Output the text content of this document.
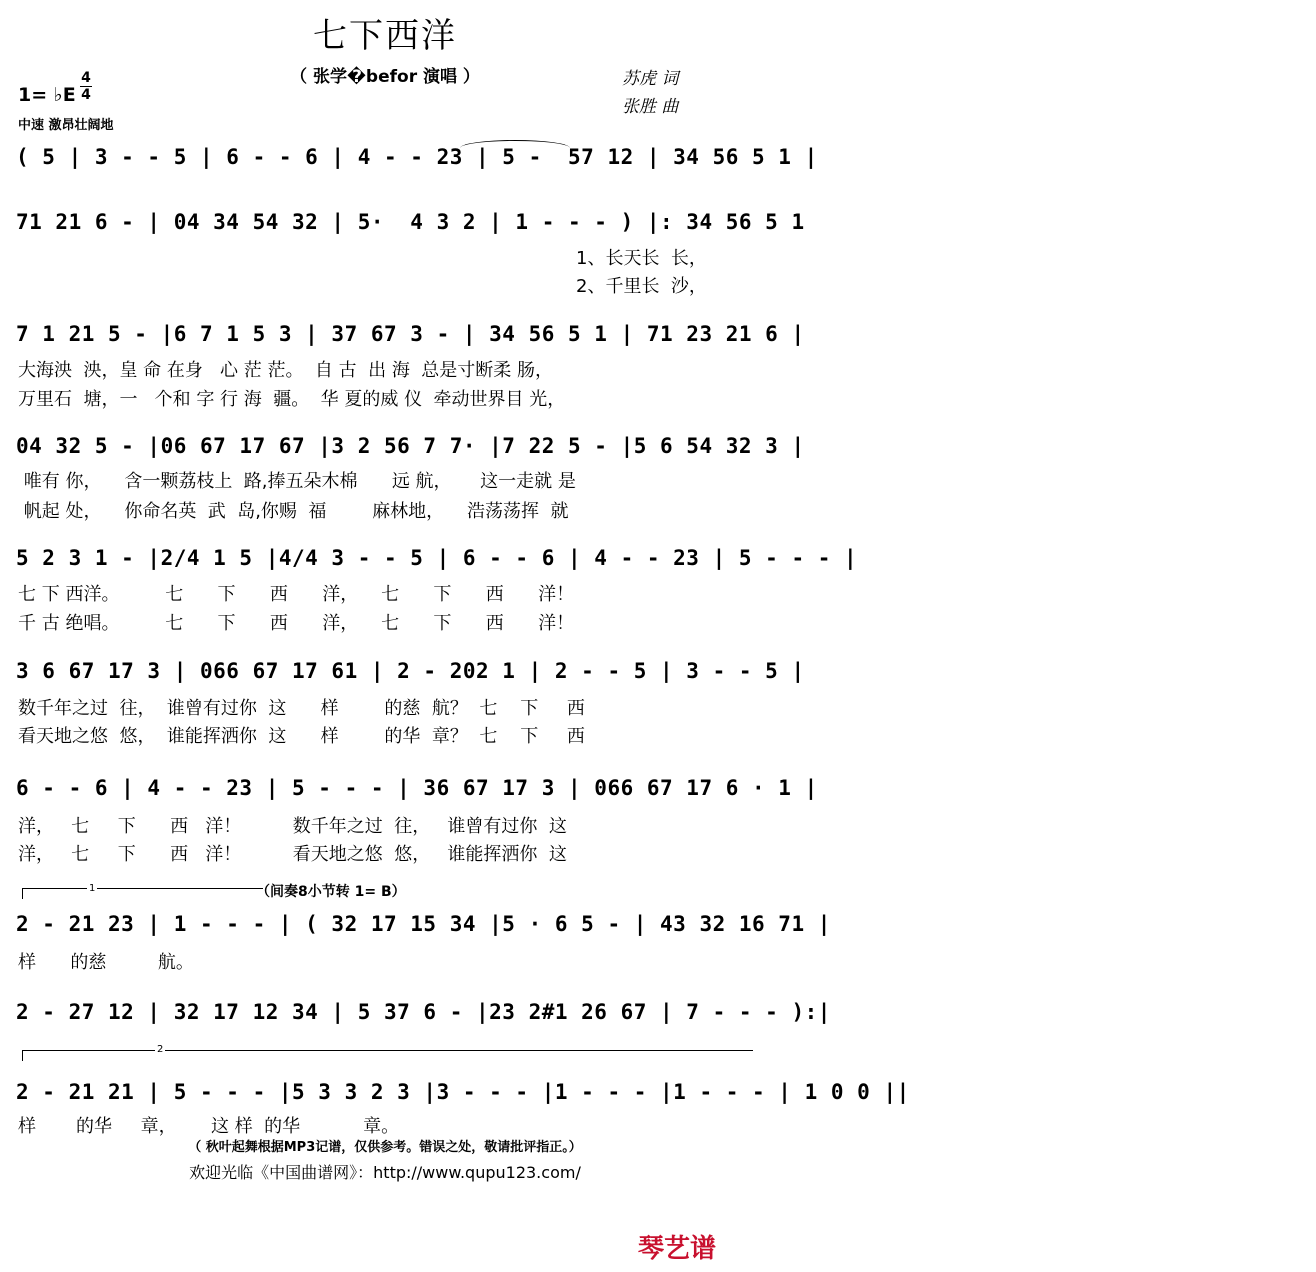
七下西洋
（ 张学�befor 演唱 ）	苏虎 词
张胜 曲
1= ♭E
4
4
中速 激昂壮阔地
( 5 | 3 - - 5 | 6 - - 6 | 4 - - 23 | 5 -  57 12 | 34 56 5 1 |
71 21 6 - | 04 34 54 32 | 5·  4 3 2 | 1 - - - ) |: 34 56 5 1
1、长天长  长，
2、千里长  沙，
7 1 21 5 - |6 7 1 5 3 | 37 67 3 - | 34 56 5 1 | 71 23 21 6 |
大海泱  泱，皇 命 在身   心 茫 茫。  自 古  出 海  总是寸断柔 肠，
万里石  塘，一   个和 字 行 海  疆。  华 夏的威 仪  牵动世界目 光，
04 32 5 - |06 67 17 67 |3 2 56 7 7· |7 22 5 - |5 6 54 32 3 |
唯有 你，    含一颗荔枝上  路,捧五朵木棉      远 航，     这一走就 是
帆起 处，    你命名英  武  岛,你赐  福        麻林地，    浩荡荡挥  就
5 2 3 1 - |2/4 1 5 |4/4 3 - - 5 | 6 - - 6 | 4 - - 23 | 5 - - - |
七 下 西洋。        七      下      西      洋，    七      下      西      洋！
千 古 绝唱。        七      下      西      洋，    七      下      西      洋！
3 6 67 17 3 | 066 67 17 61 | 2 - 202 1 | 2 - - 5 | 3 - - 5 |
数千年之过  往，  谁曾有过你  这      样        的慈  航？  七    下     西
看天地之悠  悠，  谁能挥洒你  这      样        的华  章？  七    下     西
6 - - 6 | 4 - - 23 | 5 - - - | 36 67 17 3 | 066 67 17 6 · 1 |
洋，   七     下      西   洋！         数千年之过  往，   谁曾有过你  这
洋，   七     下      西   洋！         看天地之悠  悠，   谁能挥洒你  这
1	（间奏8小节转 1= B）
2 - 21 23 | 1 - - - | ( 32 17 15 34 |5 · 6 5 - | 43 32 16 71 |
样      的慈         航。
2 - 27 12 | 32 17 12 34 | 5 37 6 - |23 2#1 26 67 | 7 - - - ):|
2
2 - 21 21 | 5 - - - |5 3 3 2 3 |3 - - - |1 - - - |1 - - - | 1 0 0 ||
样       的华     章，      这 样  的华           章。
（ 秋叶起舞根据MP3记谱，仅供参考。错误之处，敬请批评指正。）
欢迎光临《中国曲谱网》：http://www.qupu123.com/
琴艺谱
